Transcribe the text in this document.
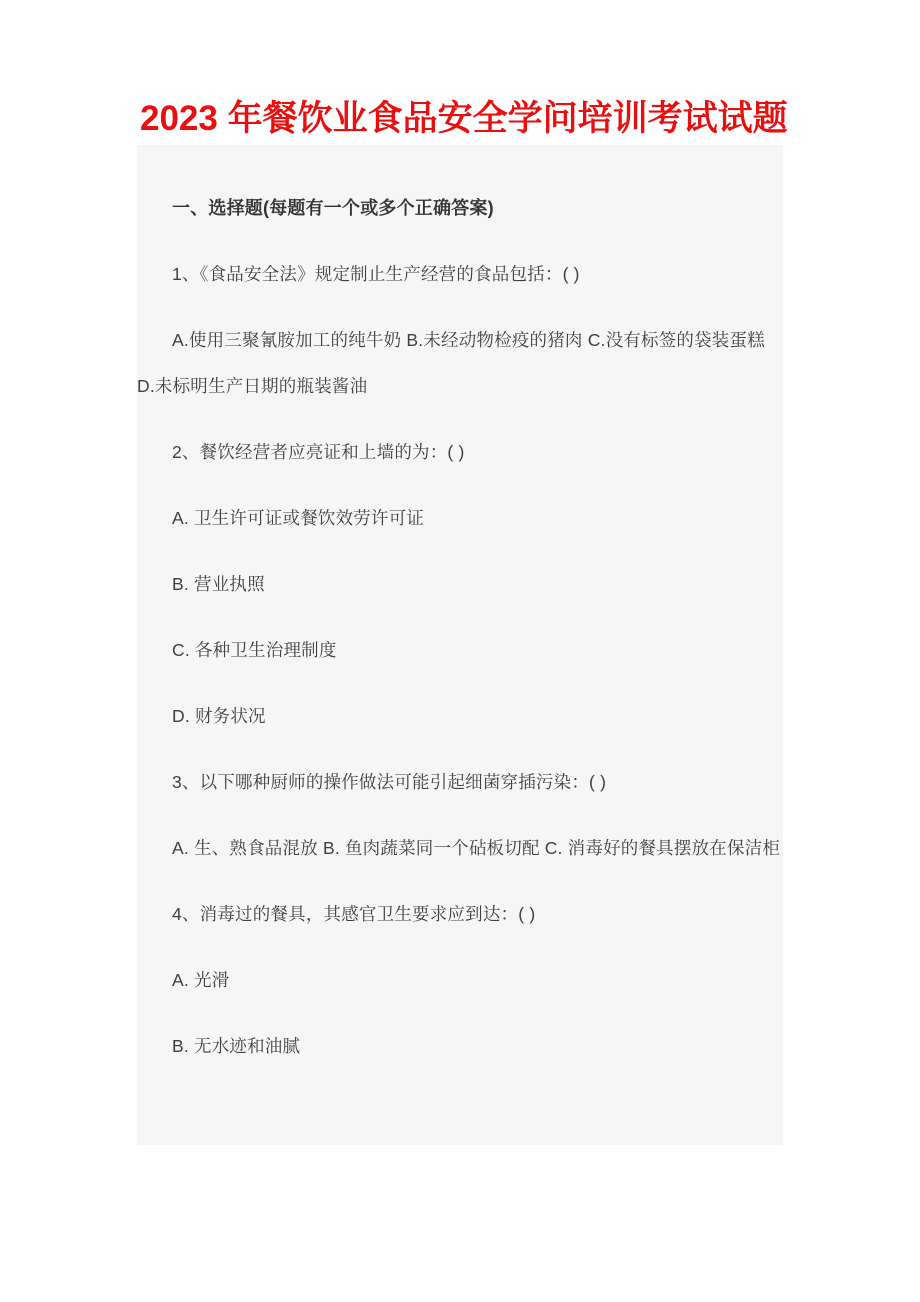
2023 年餐饮业食品安全学问培训考试试题

一、选择题(每题有一个或多个正确答案)

1、《食品安全法》规定制止生产经营的食品包括：( )

A.使用三聚氰胺加工的纯牛奶 B.未经动物检疫的猪肉 C.没有标签的袋装蛋糕 D.未标明生产日期的瓶装酱油

2、餐饮经营者应亮证和上墙的为：( )

A. 卫生许可证或餐饮效劳许可证

B. 营业执照

C. 各种卫生治理制度

D. 财务状况

3、以下哪种厨师的操作做法可能引起细菌穿插污染：( )

A. 生、熟食品混放 B. 鱼肉蔬菜同一个砧板切配 C. 消毒好的餐具摆放在保洁柜

4、消毒过的餐具，其感官卫生要求应到达：( )

A. 光滑

B. 无水迹和油腻
